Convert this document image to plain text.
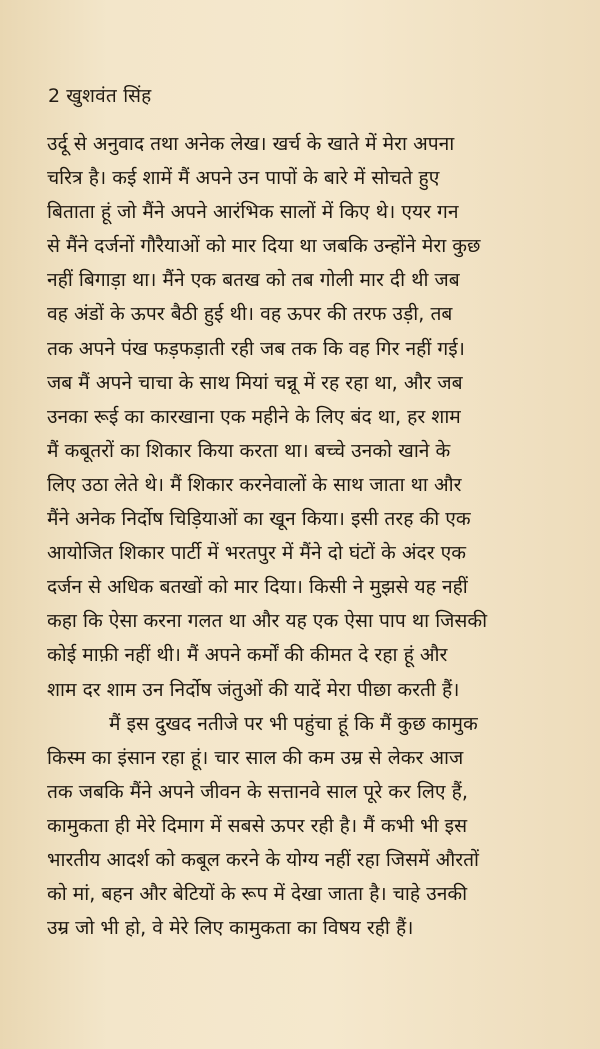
2 खुशवंत सिंह
उर्दू से अनुवाद तथा अनेक लेख। खर्च के खाते में मेरा अपना
चरित्र है। कई शामें मैं अपने उन पापों के बारे में सोचते हुए
बिताता हूं जो मैंने अपने आरंभिक सालों में किए थे। एयर गन
से मैंने दर्जनों गौरैयाओं को मार दिया था जबकि उन्होंने मेरा कुछ
नहीं बिगाड़ा था। मैंने एक बतख को तब गोली मार दी थी जब
वह अंडों के ऊपर बैठी हुई थी। वह ऊपर की तरफ उड़ी, तब
तक अपने पंख फड़फड़ाती रही जब तक कि वह गिर नहीं गई।
जब मैं अपने चाचा के साथ मियां चन्नू में रह रहा था, और जब
उनका रूई का कारखाना एक महीने के लिए बंद था, हर शाम
मैं कबूतरों का शिकार किया करता था। बच्चे उनको खाने के
लिए उठा लेते थे। मैं शिकार करनेवालों के साथ जाता था और
मैंने अनेक निर्दोष चिड़ियाओं का खून किया। इसी तरह की एक
आयोजित शिकार पार्टी में भरतपुर में मैंने दो घंटों के अंदर एक
दर्जन से अधिक बतखों को मार दिया। किसी ने मुझसे यह नहीं
कहा कि ऐसा करना गलत था और यह एक ऐसा पाप था जिसकी
कोई माफ़ी नहीं थी। मैं अपने कर्मों की कीमत दे रहा हूं और
शाम दर शाम उन निर्दोष जंतुओं की यादें मेरा पीछा करती हैं।
मैं इस दुखद नतीजे पर भी पहुंचा हूं कि मैं कुछ कामुक
किस्म का इंसान रहा हूं। चार साल की कम उम्र से लेकर आज
तक जबकि मैंने अपने जीवन के सत्तानवे साल पूरे कर लिए हैं,
कामुकता ही मेरे दिमाग में सबसे ऊपर रही है। मैं कभी भी इस
भारतीय आदर्श को कबूल करने के योग्य नहीं रहा जिसमें औरतों
को मां, बहन और बेटियों के रूप में देखा जाता है। चाहे उनकी
उम्र जो भी हो, वे मेरे लिए कामुकता का विषय रही हैं।
